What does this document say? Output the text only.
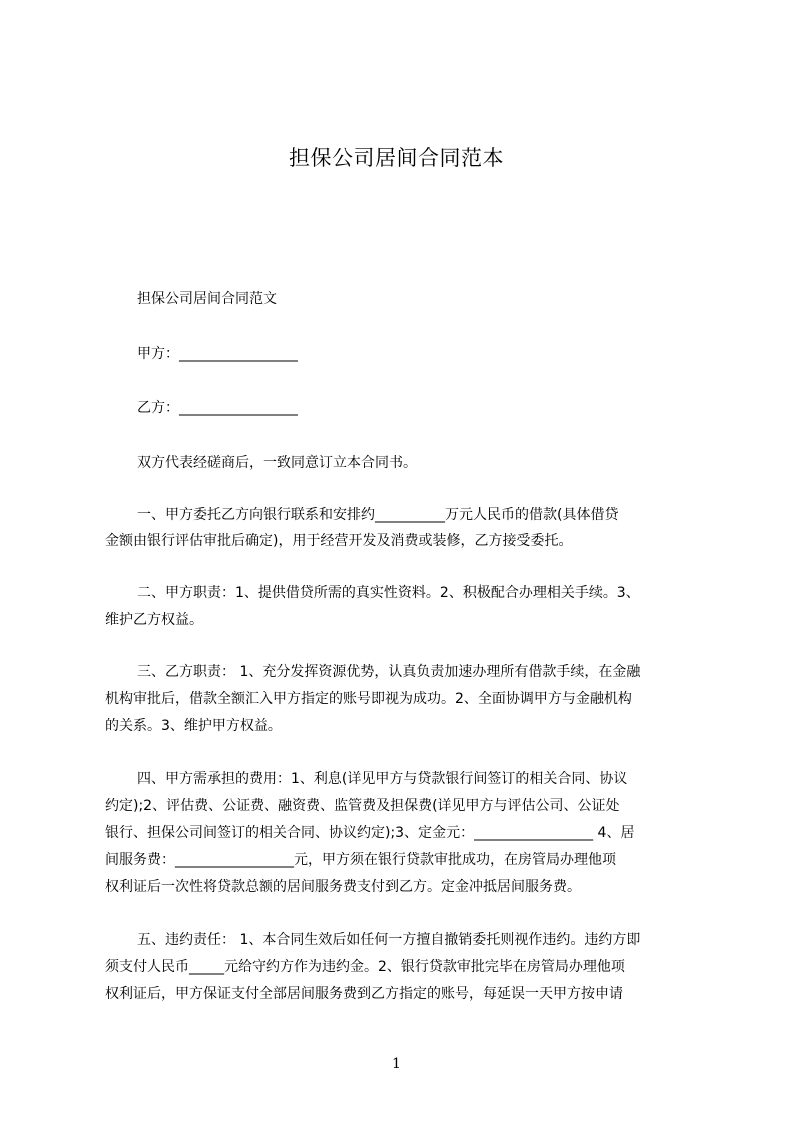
担保公司居间合同范本
担保公司居间合同范文
甲方：_________________
乙方：_________________
双方代表经磋商后，一致同意订立本合同书。
一、甲方委托乙方向银行联系和安排约__________万元人民币的借款(具体借贷
金额由银行评估审批后确定)，用于经营开发及消费或装修，乙方接受委托。
二、甲方职责：1、提供借贷所需的真实性资料。2、积极配合办理相关手续。3、
维护乙方权益。
三、乙方职责： 1、充分发挥资源优势，认真负责加速办理所有借款手续，在金融
机构审批后，借款全额汇入甲方指定的账号即视为成功。2、全面协调甲方与金融机构
的关系。3、维护甲方权益。
四、甲方需承担的费用：1、利息(详见甲方与贷款银行间签订的相关合同、协议
约定);2、评估费、公证费、融资费、监管费及担保费(详见甲方与评估公司、公证处
银行、担保公司间签订的相关合同、协议约定);3、定金元：_________________ 4、居
间服务费：_________________元，甲方须在银行贷款审批成功，在房管局办理他项
权利证后一次性将贷款总额的居间服务费支付到乙方。定金冲抵居间服务费。
五、违约责任： 1、本合同生效后如任何一方擅自撤销委托则视作违约。违约方即
须支付人民币_____元给守约方作为违约金。2、银行贷款审批完毕在房管局办理他项
权利证后，甲方保证支付全部居间服务费到乙方指定的账号，每延误一天甲方按申请
1
